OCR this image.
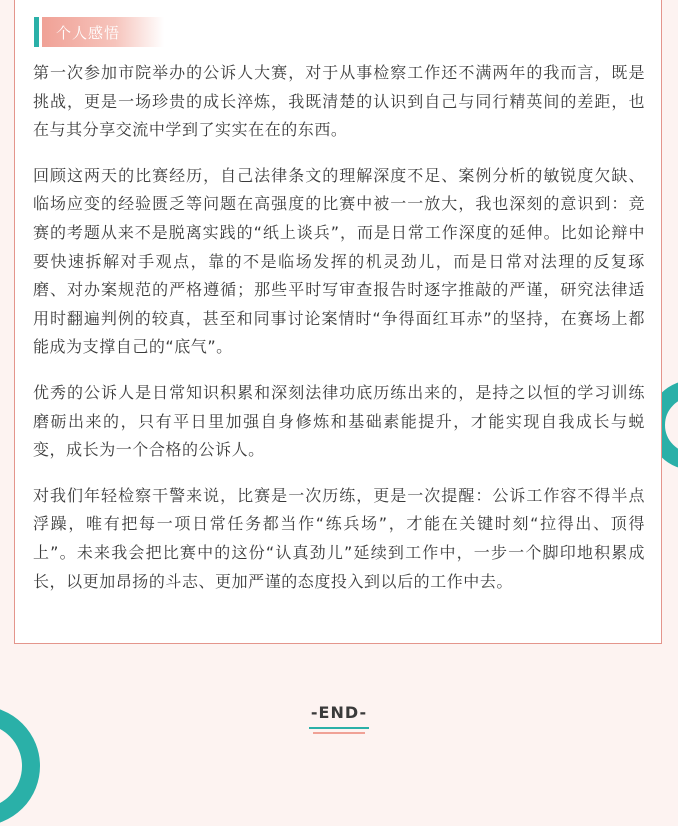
个人感悟

第一次参加市院举办的公诉人大赛，对于从事检察工作还不满两年的我而言，既是挑战，更是一场珍贵的成长淬炼，我既清楚的认识到自己与同行精英间的差距，也在与其分享交流中学到了实实在在的东西。

回顾这两天的比赛经历，自己法律条文的理解深度不足、案例分析的敏锐度欠缺、临场应变的经验匮乏等问题在高强度的比赛中被一一放大，我也深刻的意识到：竞赛的考题从来不是脱离实践的“纸上谈兵”，而是日常工作深度的延伸。比如论辩中要快速拆解对手观点，靠的不是临场发挥的机灵劲儿，而是日常对法理的反复琢磨、对办案规范的严格遵循；那些平时写审查报告时逐字推敲的严谨，研究法律适用时翻遍判例的较真，甚至和同事讨论案情时“争得面红耳赤”的坚持，在赛场上都能成为支撑自己的“底气”。

优秀的公诉人是日常知识积累和深刻法律功底历练出来的，是持之以恒的学习训练磨砺出来的，只有平日里加强自身修炼和基础素能提升，才能实现自我成长与蜕变，成长为一个合格的公诉人。

对我们年轻检察干警来说，比赛是一次历练，更是一次提醒：公诉工作容不得半点浮躁，唯有把每一项日常任务都当作“练兵场”，才能在关键时刻“拉得出、顶得上”。未来我会把比赛中的这份“认真劲儿”延续到工作中，一步一个脚印地积累成长，以更加昂扬的斗志、更加严谨的态度投入到以后的工作中去。

-END-
